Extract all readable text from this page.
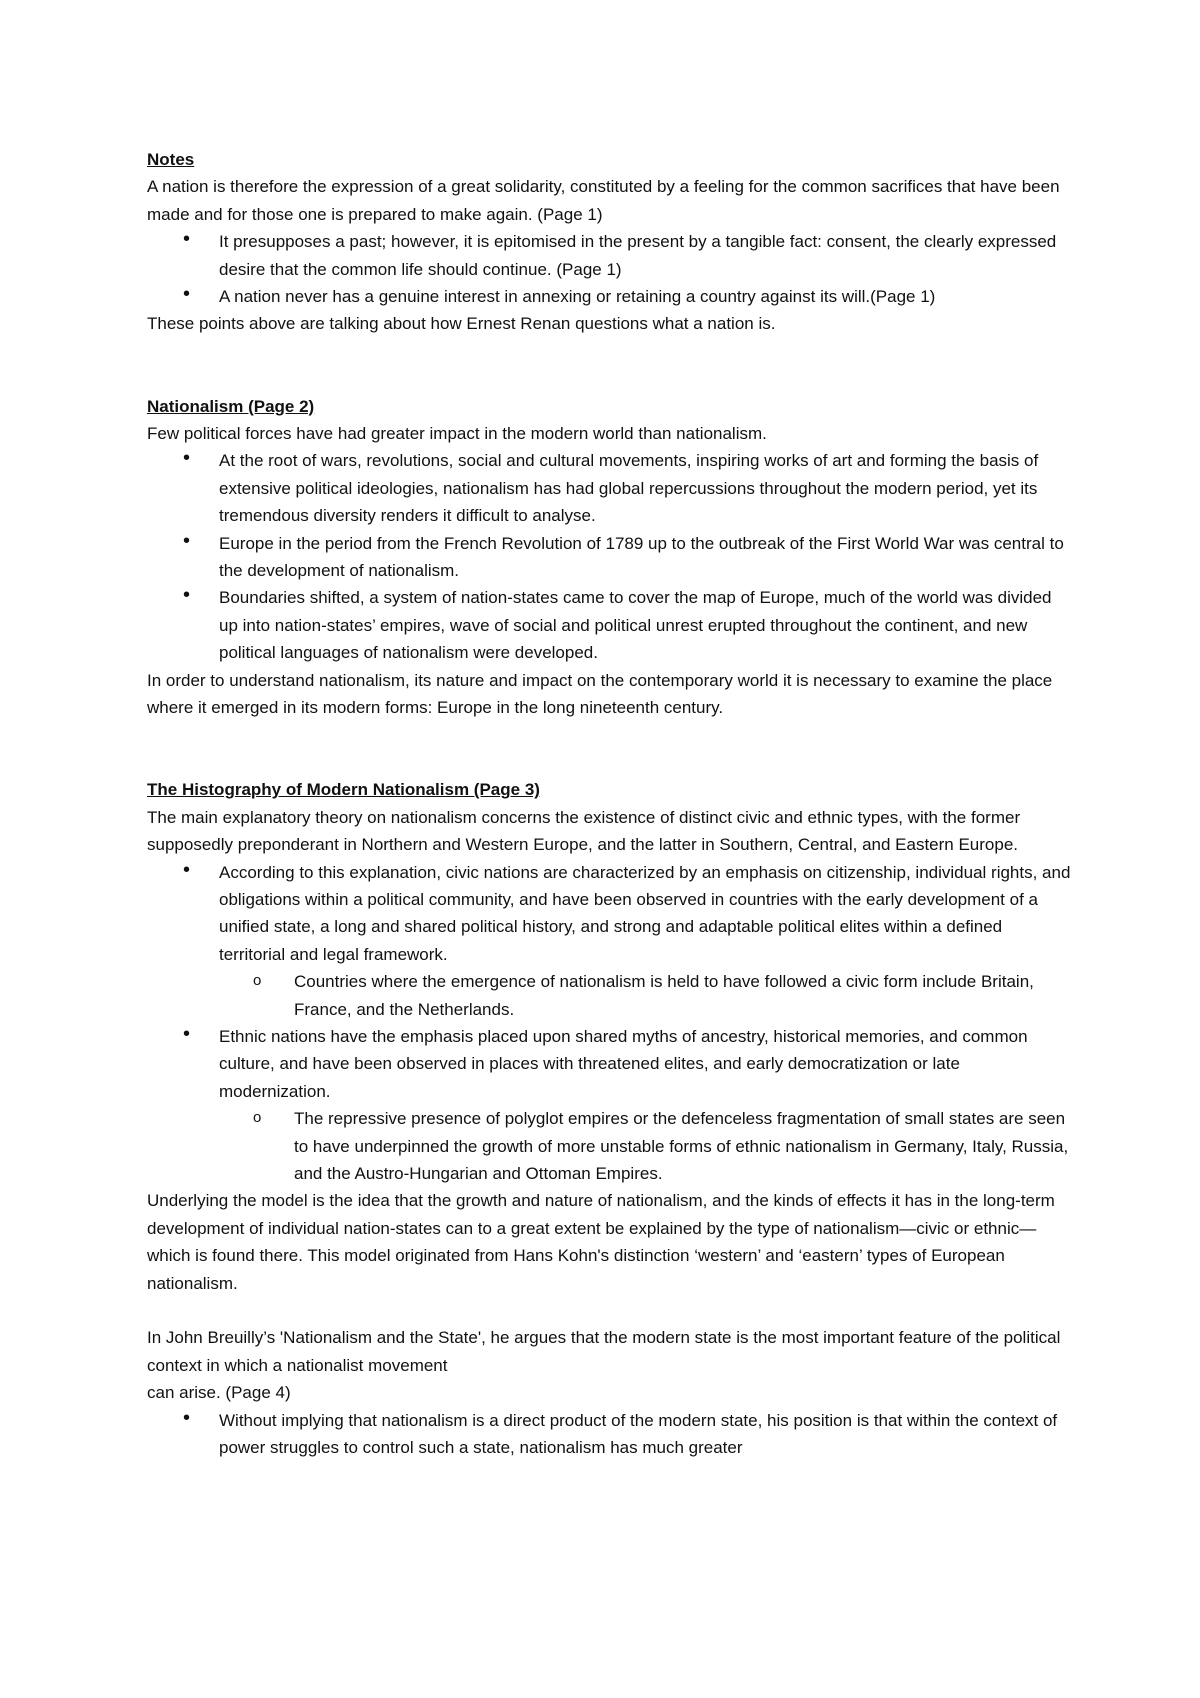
Notes

A nation is therefore the expression of a great solidarity, constituted by a feeling for the common sacrifices that have been made and for those one is prepared to make again. (Page 1)

• It presupposes a past; however, it is epitomised in the present by a tangible fact: consent, the clearly expressed desire that the common life should continue. (Page 1)
• A nation never has a genuine interest in annexing or retaining a country against its will.(Page 1)

These points above are talking about how Ernest Renan questions what a nation is.

Nationalism (Page 2)

Few political forces have had greater impact in the modern world than nationalism.

• At the root of wars, revolutions, social and cultural movements, inspiring works of art and forming the basis of extensive political ideologies, nationalism has had global repercussions throughout the modern period, yet its tremendous diversity renders it difficult to analyse.
• Europe in the period from the French Revolution of 1789 up to the outbreak of the First World War was central to the development of nationalism.
• Boundaries shifted, a system of nation-states came to cover the map of Europe, much of the world was divided up into nation-states’ empires, wave of social and political unrest erupted throughout the continent, and new political languages of nationalism were developed.

In order to understand nationalism, its nature and impact on the contemporary world it is necessary to examine the place where it emerged in its modern forms: Europe in the long nineteenth century.

The Histography of Modern Nationalism (Page 3)

The main explanatory theory on nationalism concerns the existence of distinct civic and ethnic types, with the former supposedly preponderant in Northern and Western Europe, and the latter in Southern, Central, and Eastern Europe.

• According to this explanation, civic nations are characterized by an emphasis on citizenship, individual rights, and obligations within a political community, and have been observed in countries with the early development of a unified state, a long and shared political history, and strong and adaptable political elites within a defined territorial and legal framework.
o Countries where the emergence of nationalism is held to have followed a civic form include Britain, France, and the Netherlands.
• Ethnic nations have the emphasis placed upon shared myths of ancestry, historical memories, and common culture, and have been observed in places with threatened elites, and early democratization or late modernization.
o The repressive presence of polyglot empires or the defenceless fragmentation of small states are seen to have underpinned the growth of more unstable forms of ethnic nationalism in Germany, Italy, Russia, and the Austro-Hungarian and Ottoman Empires.

Underlying the model is the idea that the growth and nature of nationalism, and the kinds of effects it has in the long-term development of individual nation-states can to a great extent be explained by the type of nationalism—civic or ethnic—which is found there. This model originated from Hans Kohn's distinction ‘western’ and ‘eastern’ types of European nationalism.

In John Breuilly’s 'Nationalism and the State', he argues that the modern state is the most important feature of the political context in which a nationalist movement

can arise. (Page 4)

• Without implying that nationalism is a direct product of the modern state, his position is that within the context of power struggles to control such a state, nationalism has much greater
